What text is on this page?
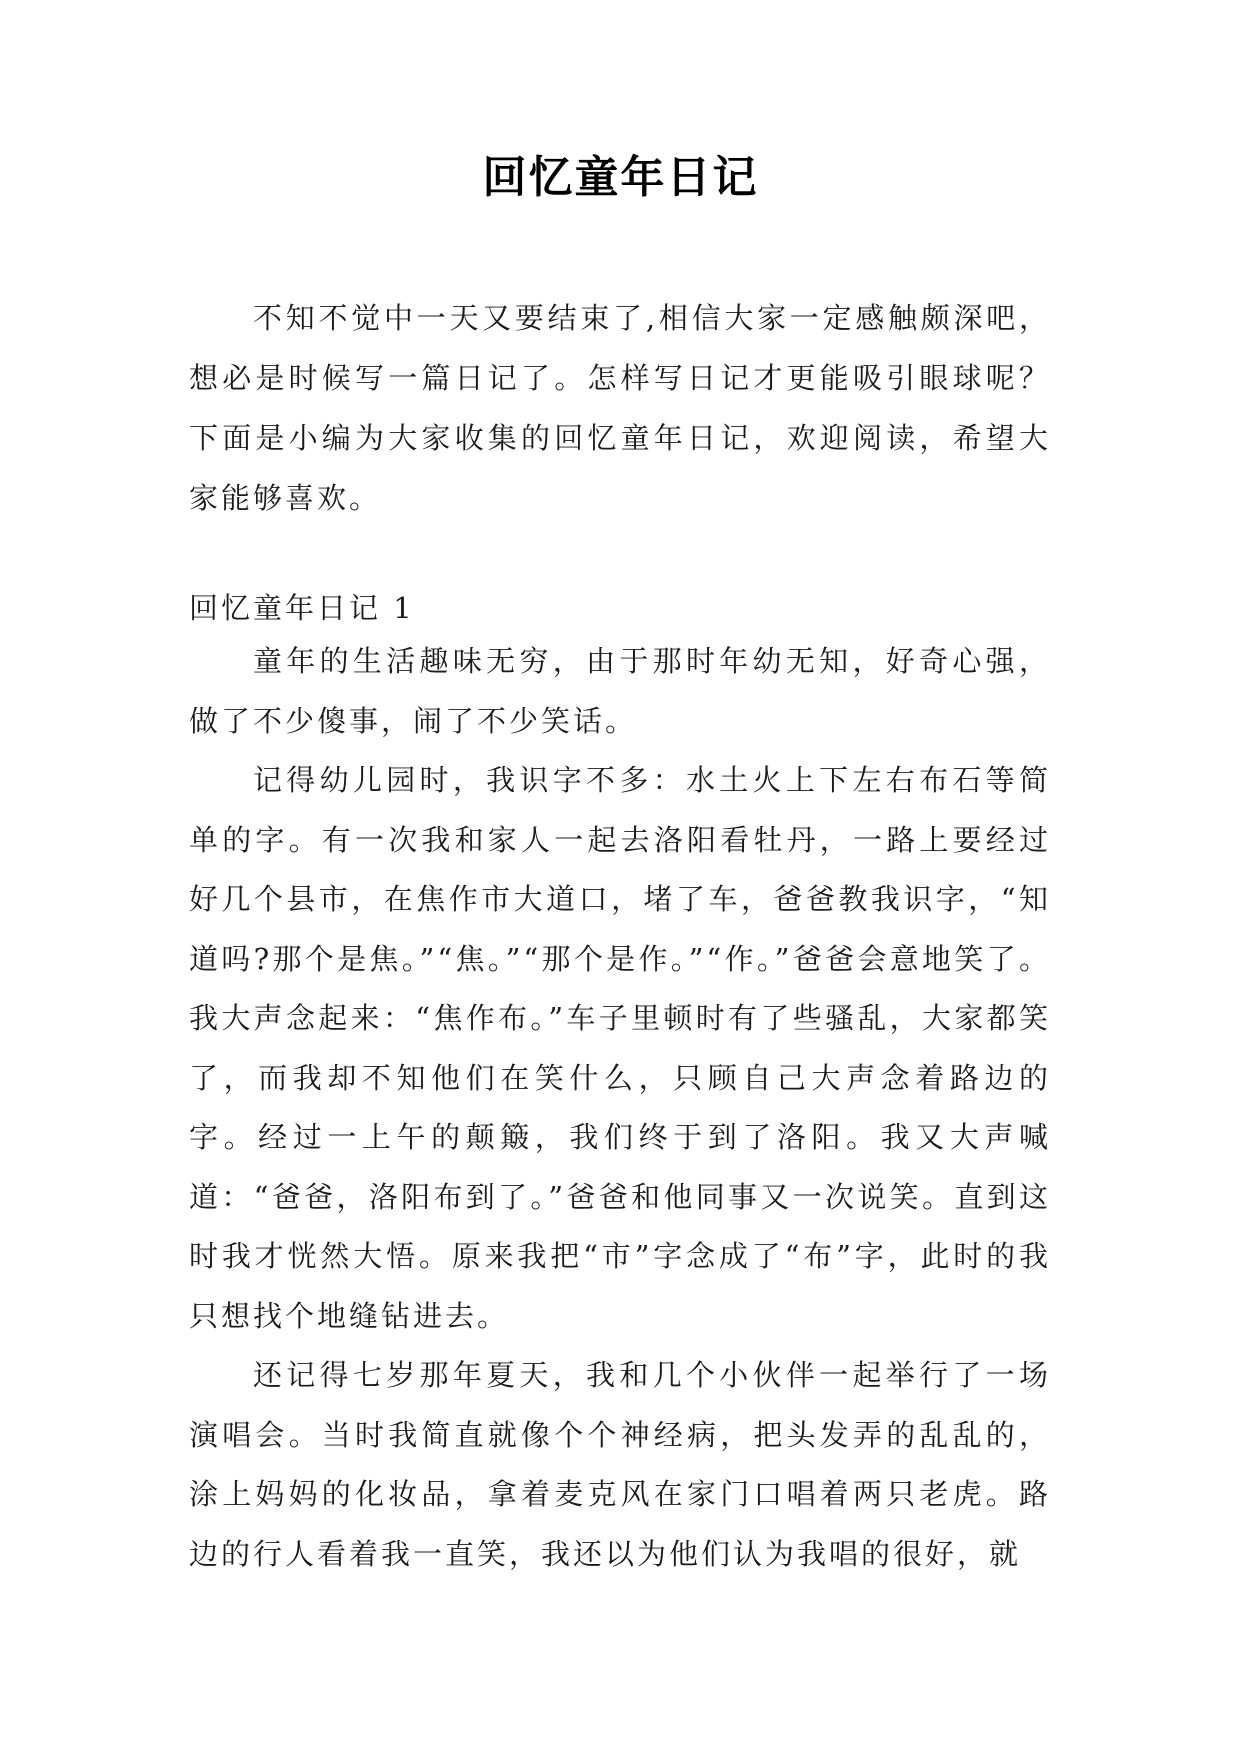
回忆童年日记

不知不觉中一天又要结束了,相信大家一定感触颇深吧，想必是时候写一篇日记了。怎样写日记才更能吸引眼球呢？下面是小编为大家收集的回忆童年日记，欢迎阅读，希望大家能够喜欢。

回忆童年日记 1

童年的生活趣味无穷，由于那时年幼无知，好奇心强，做了不少傻事，闹了不少笑话。

记得幼儿园时，我识字不多：水土火上下左右布石等简单的字。有一次我和家人一起去洛阳看牡丹，一路上要经过好几个县市，在焦作市大道口，堵了车，爸爸教我识字，“知道吗?那个是焦。”“焦。”“那个是作。”“作。”爸爸会意地笑了。我大声念起来：“焦作布。”车子里顿时有了些骚乱，大家都笑了，而我却不知他们在笑什么，只顾自己大声念着路边的字。经过一上午的颠簸，我们终于到了洛阳。我又大声喊道：“爸爸，洛阳布到了。”爸爸和他同事又一次说笑。直到这时我才恍然大悟。原来我把“市”字念成了“布”字，此时的我只想找个地缝钻进去。

还记得七岁那年夏天，我和几个小伙伴一起举行了一场演唱会。当时我简直就像个个神经病，把头发弄的乱乱的，涂上妈妈的化妆品，拿着麦克风在家门口唱着两只老虎。路边的行人看着我一直笑，我还以为他们认为我唱的很好，就
